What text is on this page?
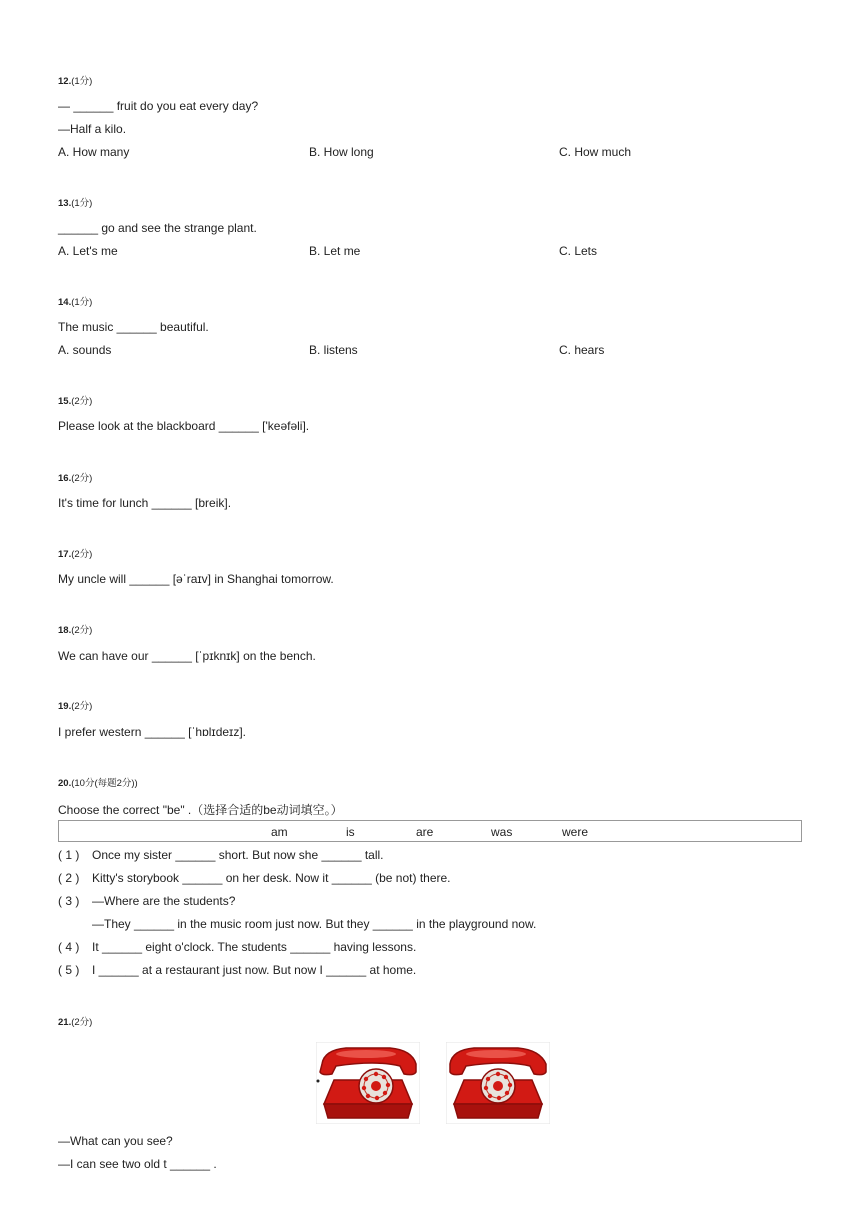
12.(1分)
— ______ fruit do you eat every day?
—Half a kilo.
A. How many	B. How long	C. How much
13.(1分)
______ go and see the strange plant.
A. Let's me	B. Let me	C. Lets
14.(1分)
The music ______ beautiful.
A. sounds	B. listens	C. hears
15.(2分)
Please look at the blackboard ______ ['keəfəli].
16.(2分)
It's time for lunch ______ [breik].
17.(2分)
My uncle will ______ [əˈraɪv] in Shanghai tomorrow.
18.(2分)
We can have our ______ [ˈpɪknɪk] on the bench.
19.(2分)
I prefer western ______ [ˈhɒlɪdeɪz].
20.(10分(每题2分))
Choose the correct "be" .（选择合适的be动词填空。）
am	is	are	was	were
( 1 ) Once my sister ______ short. But now she ______ tall.
( 2 ) Kitty's storybook ______ on her desk. Now it ______ (be not) there.
( 3 ) —Where are the students?
—They ______ in the music room just now. But they ______ in the playground now.
( 4 ) It ______ eight o'clock. The students ______ having lessons.
( 5 ) I ______ at a restaurant just now. But now I ______ at home.
21.(2分)
—What can you see?
—I can see two old t ______ .
